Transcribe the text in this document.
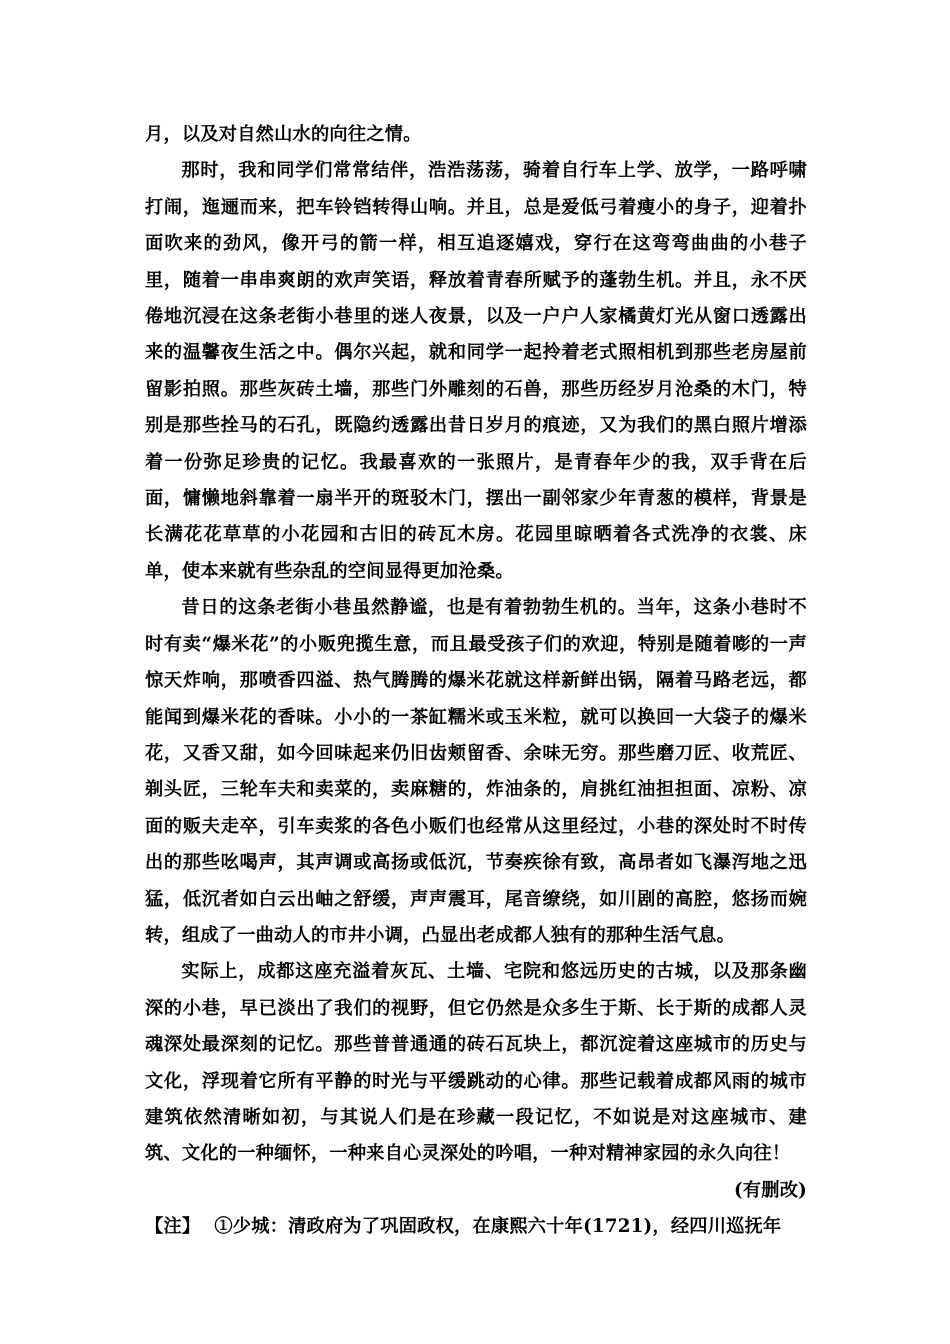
月，以及对自然山水的向往之情。

那时，我和同学们常常结伴，浩浩荡荡，骑着自行车上学、放学，一路呼啸打闹，迤逦而来，把车铃铛转得山响。并且，总是爱低弓着瘦小的身子，迎着扑面吹来的劲风，像开弓的箭一样，相互追逐嬉戏，穿行在这弯弯曲曲的小巷子里，随着一串串爽朗的欢声笑语，释放着青春所赋予的蓬勃生机。并且，永不厌倦地沉浸在这条老街小巷里的迷人夜景，以及一户户人家橘黄灯光从窗口透露出来的温馨夜生活之中。偶尔兴起，就和同学一起拎着老式照相机到那些老房屋前留影拍照。那些灰砖土墙，那些门外雕刻的石兽，那些历经岁月沧桑的木门，特别是那些拴马的石孔，既隐约透露出昔日岁月的痕迹，又为我们的黑白照片增添着一份弥足珍贵的记忆。我最喜欢的一张照片，是青春年少的我，双手背在后面，慵懒地斜靠着一扇半开的斑驳木门，摆出一副邻家少年青葱的模样，背景是长满花花草草的小花园和古旧的砖瓦木房。花园里晾晒着各式洗净的衣裳、床单，使本来就有些杂乱的空间显得更加沧桑。

昔日的这条老街小巷虽然静谧，也是有着勃勃生机的。当年，这条小巷时不时有卖“爆米花”的小贩兜揽生意，而且最受孩子们的欢迎，特别是随着嘭的一声惊天炸响，那喷香四溢、热气腾腾的爆米花就这样新鲜出锅，隔着马路老远，都能闻到爆米花的香味。小小的一茶缸糯米或玉米粒，就可以换回一大袋子的爆米花，又香又甜，如今回味起来仍旧齿颊留香、余味无穷。那些磨刀匠、收荒匠、剃头匠，三轮车夫和卖菜的，卖麻糖的，炸油条的，肩挑红油担担面、凉粉、凉面的贩夫走卒，引车卖浆的各色小贩们也经常从这里经过，小巷的深处时不时传出的那些吆喝声，其声调或高扬或低沉，节奏疾徐有致，高昂者如飞瀑泻地之迅猛，低沉者如白云出岫之舒缓，声声震耳，尾音缭绕，如川剧的高腔，悠扬而婉转，组成了一曲动人的市井小调，凸显出老成都人独有的那种生活气息。

实际上，成都这座充溢着灰瓦、土墙、宅院和悠远历史的古城，以及那条幽深的小巷，早已淡出了我们的视野，但它仍然是众多生于斯、长于斯的成都人灵魂深处最深刻的记忆。那些普普通通的砖石瓦块上，都沉淀着这座城市的历史与文化，浮现着它所有平静的时光与平缓跳动的心律。那些记载着成都风雨的城市建筑依然清晰如初，与其说人们是在珍藏一段记忆，不如说是对这座城市、建筑、文化的一种缅怀，一种来自心灵深处的吟唱，一种对精神家园的永久向往！

(有删改)

【注】 ①少城：清政府为了巩固政权，在康熙六十年(1721)，经四川巡抚年
